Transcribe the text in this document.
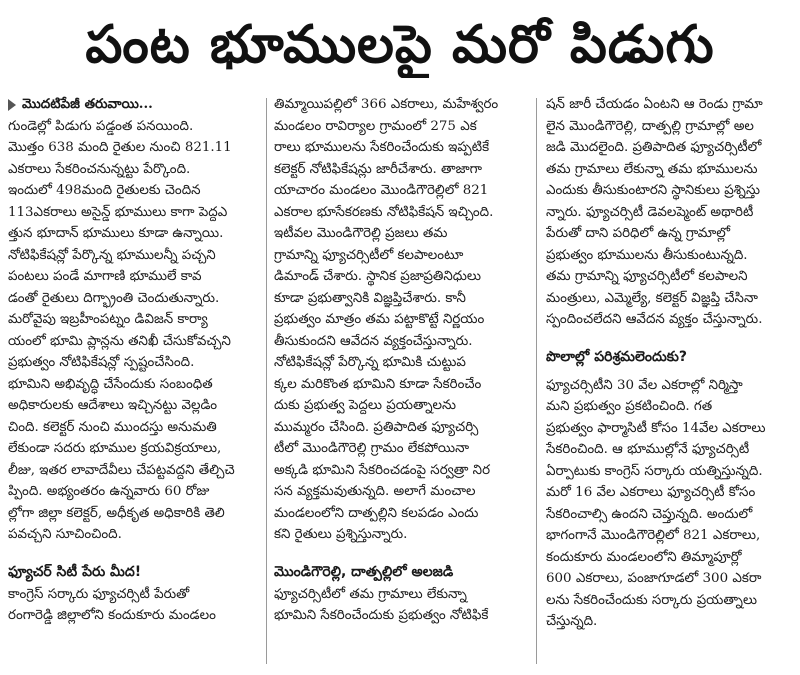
పంట భూములపై మరో పిడుగు
మొదటిపేజీ తరువాయి...
గుండెల్లో పిడుగు పడ్డంత పనయింది.
మొత్తం 638 మంది రైతుల నుంచి 821.11
ఎకరాలు సేకరించనున్నట్టు పేర్కొంది.
ఇందులో 498మంది రైతులకు చెందిన
113ఎకరాలు అసైన్డ్ భూములు కాగా పెద్దఎ
త్తున భూదాన్ భూములు కూడా ఉన్నాయి.
నోటిఫికేషన్లో పేర్కొన్న భూములన్నీ పచ్చని
పంటలు పండే మాగాణి భూములే కావ
డంతో రైతులు దిగ్భ్రాంతి చెందుతున్నారు.
మరోవైపు ఇబ్రహీంపట్నం డివిజన్ కార్యా
యంలో భూమి ప్లాన్లను తనిఖీ చేసుకోవచ్చని
ప్రభుత్వం నోటిఫికేషన్లో స్పష్టంచేసింది.
భూమిని అభివృద్ధి చేసేందుకు సంబంధిత
అధికారులకు ఆదేశాలు ఇచ్చినట్టు వెల్లడిం
చింది. కలెక్టర్ నుంచి ముందస్తు అనుమతి
లేకుండా సదరు భూముల క్రయవిక్రయాలు,
లీజు, ఇతర లావాదేవీలు చేపట్టవద్దని తేల్చిచె
ప్పింది. అభ్యంతరం ఉన్నవారు 60 రోజు
ల్లోగా జిల్లా కలెక్టర్, అధీకృత అధికారికి తెలి
పవచ్చని సూచించింది.
ఫ్యూచర్ సిటీ పేరు మీద!
కాంగ్రెస్ సర్కారు ఫ్యూచర్సిటీ పేరుతో
రంగారెడ్డి జిల్లాలోని కందుకూరు మండలం
తిమ్మాయిపల్లిలో 366 ఎకరాలు, మహేశ్వరం
మండలం రావిర్యాల గ్రామంలో 275 ఎక
రాలు భూములను సేకరించేందుకు ఇప్పటికే
కలెక్టర్ నోటిఫికేషన్లు జారీచేశారు. తాజాగా
యాచారం మండలం మొండిగౌరెల్లిలో 821
ఎకరాల భూసేకరణకు నోటిఫికేషన్ ఇచ్చింది.
ఇటీవల మొండిగౌరెల్లి ప్రజలు తమ
గ్రామాన్ని ఫ్యూచర్సిటీలో కలపాలంటూ
డిమాండ్ చేశారు. స్థానిక ప్రజాప్రతినిధులు
కూడా ప్రభుత్వానికి విజ్ఞప్తిచేశారు. కానీ
ప్రభుత్వం మాత్రం తమ పట్టాకొట్టే నిర్ణయం
తీసుకుందని ఆవేదన వ్యక్తంచేస్తున్నారు.
నోటిఫికేషన్లో పేర్కొన్న భూమికి చుట్టుప
క్కల మరికొంత భూమిని కూడా సేకరించేం
దుకు ప్రభుత్వ పెద్దలు ప్రయత్నాలను
ముమ్మరం చేసింది. ప్రతిపాదిత ఫ్యూచర్సి
టీలో మొండిగౌరెల్లి గ్రామం లేకపోయినా
అక్కడి భూమిని సేకరించడంపై సర్వత్రా నిర
సన వ్యక్తమవుతున్నది. అలాగే మంచాల
మండలంలోని దాత్పల్లిని కలపడం ఎందు
కని రైతులు ప్రశ్నిస్తున్నారు.
మొండిగౌరెల్లి, దాత్పల్లిలో అలజడి
ఫ్యూచర్సిటీలో తమ గ్రామాలు లేకున్నా
భూమిని సేకరించేందుకు ప్రభుత్వం నోటిఫికే
షన్ జారీ చేయడం ఏంటని ఆ రెండు గ్రామా
లైన మొండిగౌరెల్లి, దాత్పల్లి గ్రామాల్లో అల
జడి మొదలైంది. ప్రతిపాదిత ఫ్యూచర్సిటీలో
తమ గ్రామాలు లేకున్నా తమ భూములను
ఎందుకు తీసుకుంటారని స్థానికులు ప్రశ్నిస్తు
న్నారు. ఫ్యూచర్సిటీ డెవలప్మెంట్ అథారిటీ
పేరుతో దాని పరిధిలో ఉన్న గ్రామాల్లో
ప్రభుత్వం భూములను తీసుకుంటున్నది.
తమ గ్రామాన్ని ఫ్యూచర్సిటీలో కలపాలని
మంత్రులు, ఎమ్మెల్యే, కలెక్టర్ విజ్ఞప్తి చేసినా
స్పందించలేదని ఆవేదన వ్యక్తం చేస్తున్నారు.
పొలాల్లో పరిశ్రమలెందుకు?
ఫ్యూచర్సిటీని 30 వేల ఎకరాల్లో నిర్మిస్తా
మని ప్రభుత్వం ప్రకటించింది. గత
ప్రభుత్వం ఫార్మాసిటీ కోసం 14వేల ఎకరాలు
సేకరించింది. ఆ భూముల్లోనే ఫ్యూచర్సిటీ
ఏర్పాటుకు కాంగ్రెస్ సర్కారు యత్నిస్తున్నది.
మరో 16 వేల ఎకరాలు ఫ్యూచర్సిటీ కోసం
సేకరించాల్సి ఉందని చెప్తున్నది. అందులో
భాగంగానే మొండిగౌరెల్లిలో 821 ఎకరాలు,
కందుకూరు మండలంలోని తిమ్మాపూర్లో
600 ఎకరాలు, పంజాగూడలో 300 ఎకరా
లను సేకరించేందుకు సర్కారు ప్రయత్నాలు
చేస్తున్నది.
